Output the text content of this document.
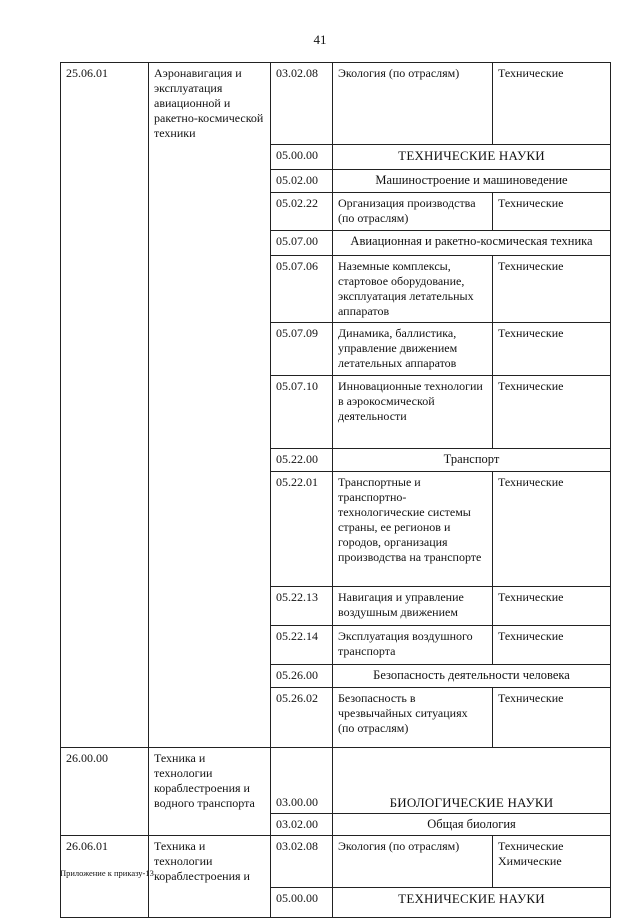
41
25.06.01	Аэронавигация и эксплуатация авиационной и ракетно-космической техники	03.02.08	Экология (по отраслям)	Технические
		05.00.00	ТЕХНИЧЕСКИЕ НАУКИ	
		05.02.00	Машиностроение и машиноведение	
		05.02.22	Организация производства (по отраслям)	Технические
		05.07.00	Авиационная и ракетно-космическая техника	
		05.07.06	Наземные комплексы, стартовое оборудование, эксплуатация летательных аппаратов	Технические
		05.07.09	Динамика, баллистика, управление движением летательных аппаратов	Технические
		05.07.10	Инновационные технологии в аэрокосмической деятельности	Технические
		05.22.00	Транспорт	
		05.22.01	Транспортные и транспортно-технологические системы страны, ее регионов и городов, организация производства на транспорте	Технические
		05.22.13	Навигация и управление воздушным движением	Технические
		05.22.14	Эксплуатация воздушного транспорта	Технические
		05.26.00	Безопасность деятельности человека	
		05.26.02	Безопасность в чрезвычайных ситуациях (по отраслям)	Технические
26.00.00	Техника и технологии кораблестроения и водного транспорта	03.00.00	БИОЛОГИЧЕСКИЕ НАУКИ	
		03.02.00	Общая биология	
26.06.01	Техника и технологии кораблестроения и	03.02.08	Экология (по отраслям)	Технические Химические
		05.00.00	ТЕХНИЧЕСКИЕ НАУКИ	
Приложение к приказу-13
